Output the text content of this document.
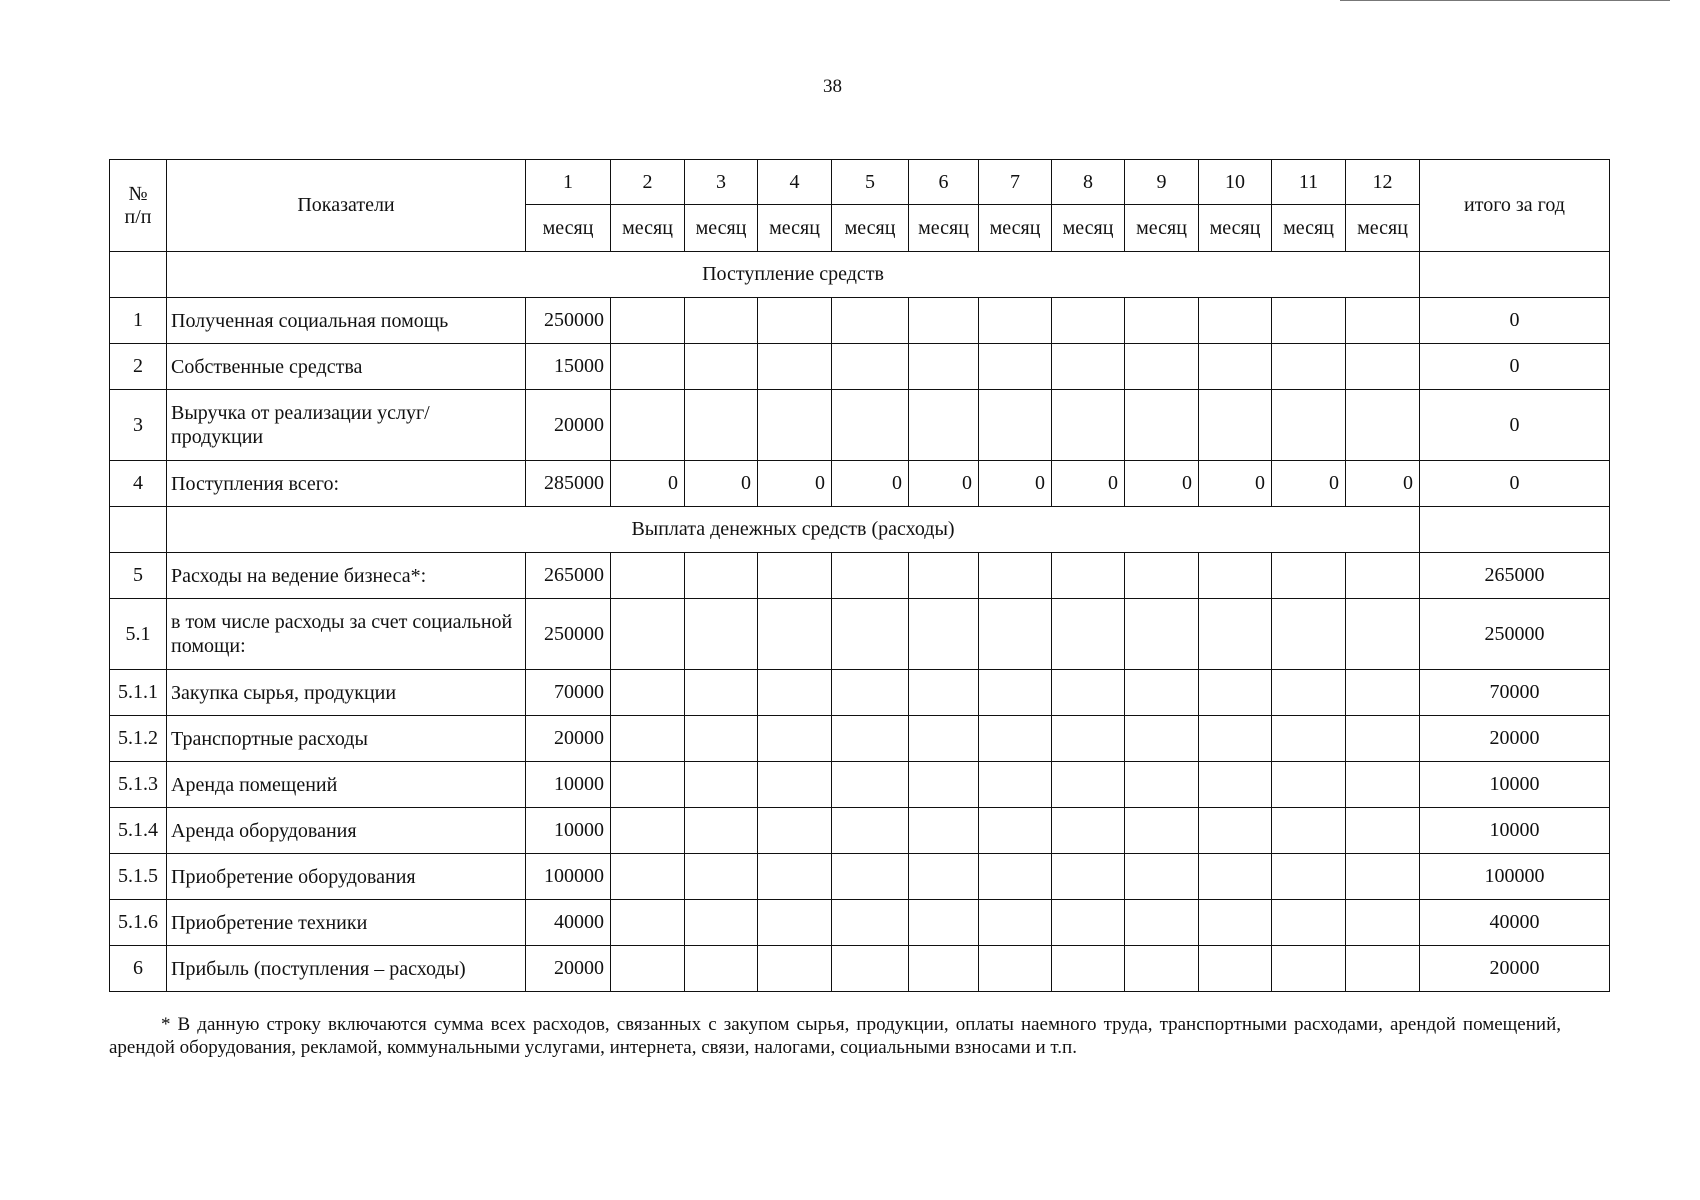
38
№
п/п	Показатели	1	2	3	4	5	6	7	8	9	10	11	12	итого за год
		месяц	месяц	месяц	месяц	месяц	месяц	месяц	месяц	месяц	месяц	месяц	месяц	
	Поступление средств													
1	Полученная социальная помощь	250000												0
2	Собственные средства	15000												0
3	Выручка от реализации услуг/продукции	20000												0
4	Поступления всего:	285000	0	0	0	0	0	0	0	0	0	0	0	0
	Выплата денежных средств (расходы)													
5	Расходы на ведение бизнеса*:	265000												265000
5.1	в том числе расходы за счет социальной помощи:	250000												250000
5.1.1	Закупка сырья, продукции	70000												70000
5.1.2	Транспортные расходы	20000												20000
5.1.3	Аренда помещений	10000												10000
5.1.4	Аренда оборудования	10000												10000
5.1.5	Приобретение оборудования	100000												100000
5.1.6	Приобретение техники	40000												40000
6	Прибыль (поступления – расходы)	20000												20000
* В данную строку включаются сумма всех расходов, связанных с закупом сырья, продукции, оплаты наемного труда, транспортными расходами, арендой помещений, арендой оборудования, рекламой, коммунальными услугами, интернета, связи, налогами, социальными взносами и т.п.
